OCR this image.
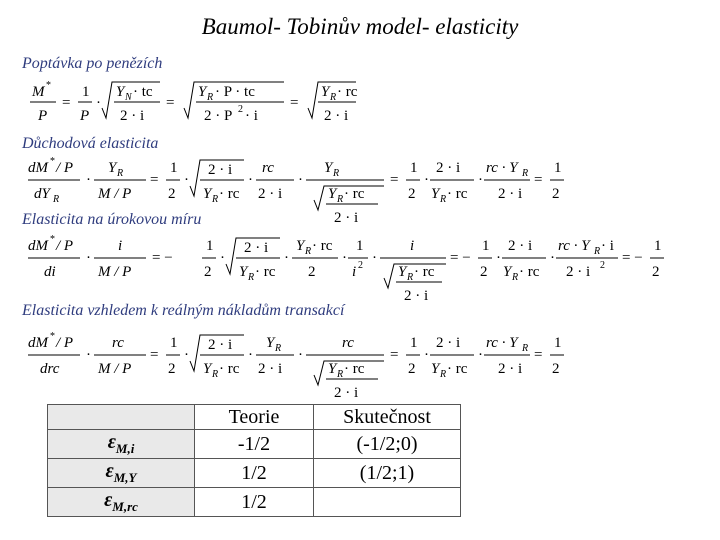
Baumol- Tobinův model- elasticity
Poptávka po penězích
M *
P
=
1
P
·
Y N · tc
2 · i
=
Y R · P · tc
2 · P 2 · i
=
Y R · rc
2 · i
Důchodová elasticita
dM * / P
dY R
·
Y R
M / P
=
1
2
·
2 · i
Y R · rc
·
rc
2 · i
·
Y R
Y R · rc
2 · i
=
1
2
·
2 · i
Y R · rc
·
rc · Y R
2 · i
=
1
2
Elasticita na úrokovou míru
dM * / P
di
·
i
M / P
= −
1
2
·
2 · i
Y R · rc
·
Y R · rc
2
·
1
i 2 ·
i
Y R · rc
2 · i
= −
1
2
·
2 · i
Y R · rc
·
rc · Y R · i
2 · i 2 = −
1
2
Elasticita vzhledem k reálným nákladům transakcí
dM * / P
drc
·
rc
M / P
=
1
2
·
2 · i
Y R · rc
·
Y R
2 · i
·
rc
Y R · rc
2 · i
=
1
2
·
2 · i
Y R · rc
·
rc · Y R
2 · i
=
1
2
	Teorie	Skutečnost
$\varepsilon_{M,i}$	-1/2	(-1/2;0)
$\varepsilon_{M,Y}$	1/2	(1/2;1)
$\varepsilon_{M,rc}$	1/2	
